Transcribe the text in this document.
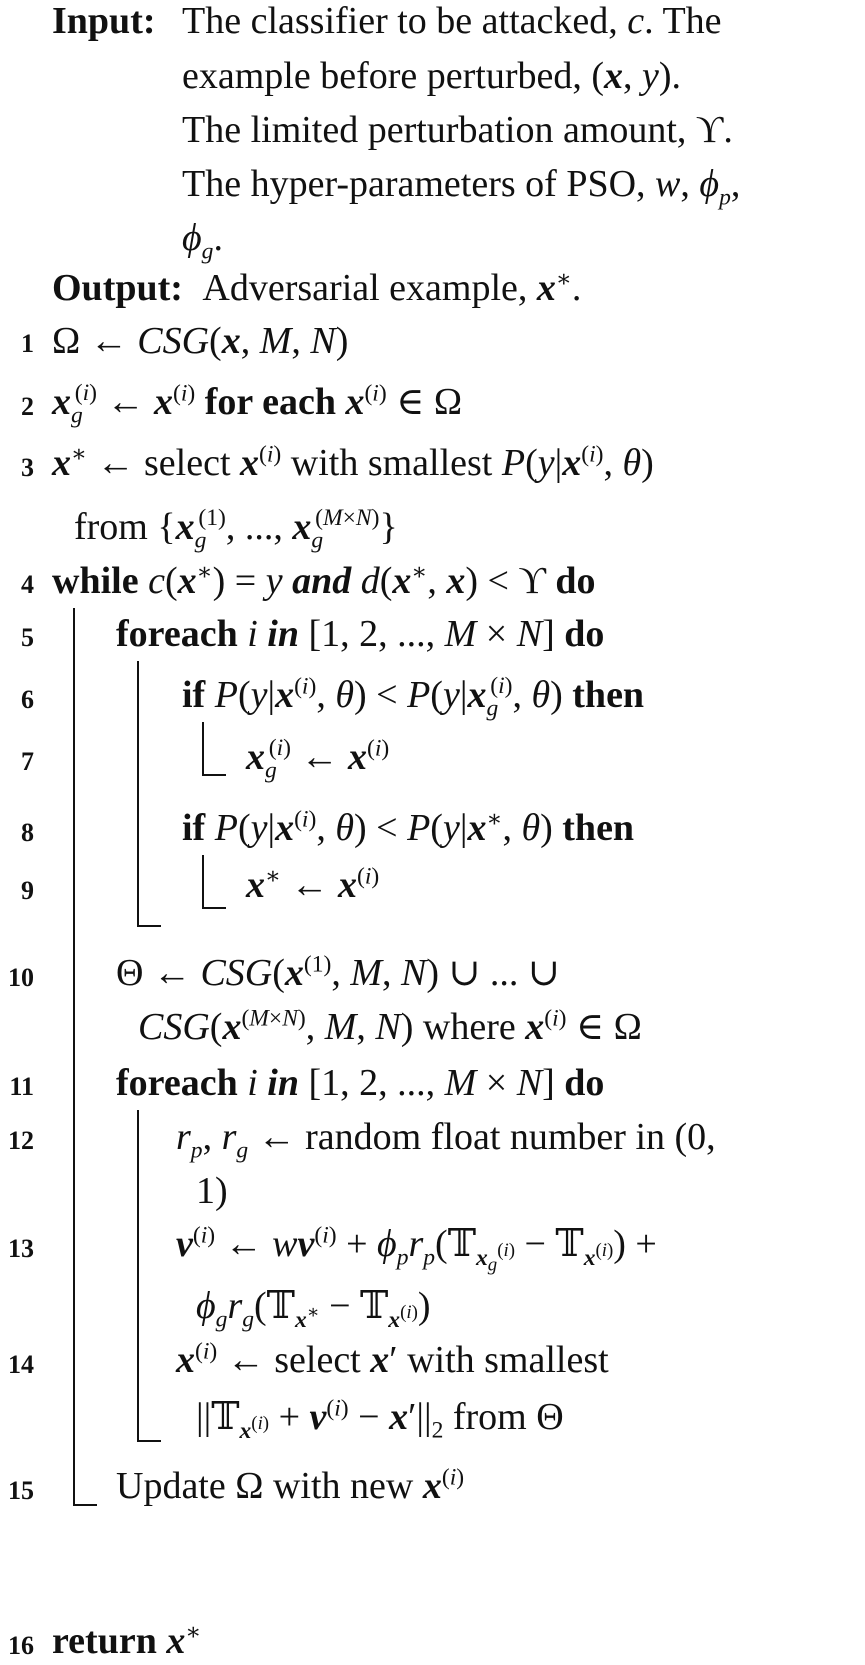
Input: The classifier to be attacked, c. The
example before perturbed, (x, y).
The limited perturbation amount, ϒ.
The hyper-parameters of PSO, w, $\phi_p$,
$\phi_g$.
Output: Adversarial example, x∗.
1 Ω ← CSG(x, M, N)
2 $x_g^{(i)}$ ← $x^{(i)}$ for each $x^{(i)}$ ∈ Ω
3 x∗ ← select $x^{(i)}$ with smallest $P(y|x^{(i)}$, θ)
from {$x_g^{(1)}$, ..., $x_g^{(M\times N)}$}
4 while c(x∗) = y and d(x∗, x) < ϒ do
5 foreach i in [1, 2, ..., M × N] do
6	if $P(y|x^{(i)}$, $\theta) < P(y|x_g^{(i)}$, θ) then
7	$x_g^{(i)}$ ← $x^{(i)}$
8	if $P(y|x^{(i)}$, θ) < P(y|x∗, θ) then
9	x∗ ← $x^{(i)}$
10 Θ ← $CSG(x^{(1)}$, M, N) ∪ ... ∪
$CSG(x^{(M\times N)}$, M, N) where $x^{(i)}$ ∈ Ω
11 foreach i in [1, 2, ..., M × N] do
12	$r_p$, $r_g$ ← random float number in (0,
1)
13	$v^{(i)}$ ← $wv^{(i)}$ + $\phi_pr_p(𝕋_{x_g^{(i)}}$ − 𝕋$_{x^{(i)}}$) +
$\phi_gr_g(𝕋_{x^∗}$ − 𝕋$_{x^{(i)}}$)
14	$x^{(i)}$ ← select x′ with smallest
||𝕋$_{x^{(i)}}$ + $v^{(i)} - x'||_2$ from Θ
15 Update Ω with new $x^{(i)}$
16 return x∗
